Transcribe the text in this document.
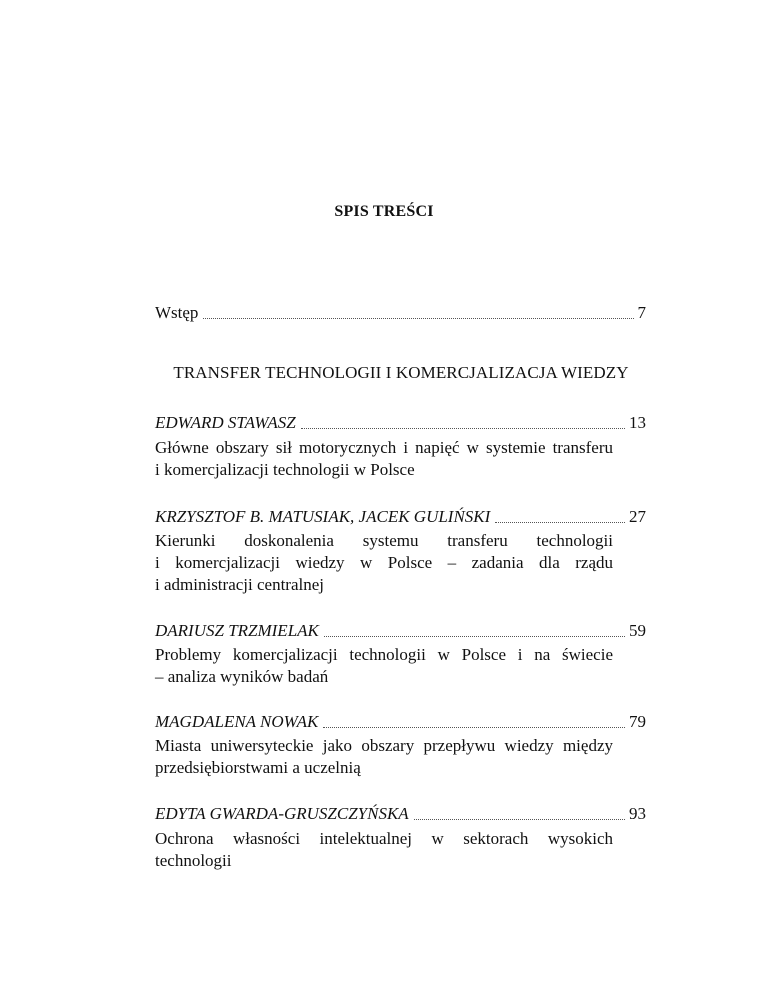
SPIS TREŚCI
Wstęp	7
TRANSFER TECHNOLOGII I KOMERCJALIZACJA WIEDZY
EDWARD STAWASZ	13
Główne obszary sił motorycznych i napięć w systemie transferu
i komercjalizacji technologii w Polsce
KRZYSZTOF B. MATUSIAK, JACEK GULIŃSKI	27
Kierunki doskonalenia systemu transferu technologii
i komercjalizacji wiedzy w Polsce – zadania dla rządu
i administracji centralnej
DARIUSZ TRZMIELAK	59
Problemy komercjalizacji technologii w Polsce i na świecie
– analiza wyników badań
MAGDALENA NOWAK	79
Miasta uniwersyteckie jako obszary przepływu wiedzy między
przedsiębiorstwami a uczelnią
EDYTA GWARDA-GRUSZCZYŃSKA	93
Ochrona własności intelektualnej w sektorach wysokich
technologii
